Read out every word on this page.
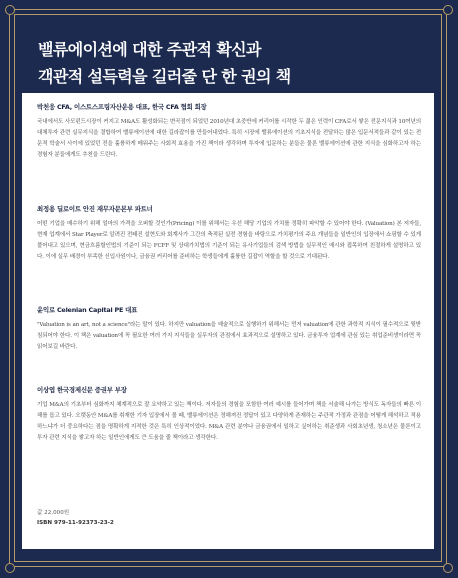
밸류에이션에 대한 주관적 확신과
객관적 설득력을 길러줄 단 한 권의 책
박천웅 CFA, 이스트스프링자산운용 대표, 한국 CFA 협회 회장
국내에서도 사모펀드시장이 커지고 M&A도 활성화되는 변곡점이 되었던 2010년대 초중반에 커리어를 시작한 두 젊은 인력이 CFA로서 쌓은 전문지식과 10여년의 대체투자 관련 실무지식을 결합하여 밸류에이션에 대한 길라잡이를 만들어내었다. 특히 시장에 밸류에이션의 기초지식을 전달하는 많은 입문서적들과 같이 있는 전문적 학술서 사이에 있었던 전을 훌륭하게 메워주는 사회적 효용을 가진 책이라 생각하며 투자에 입문하는 분들은 물론 밸류에이션에 관한 지식을 심화하고자 하는 경험자 분들에게도 추천을 드린다.
최정용 딜로이트 안진 재무자문본부 파트너
어떤 기업을 매수하기 위해 얼마의 가격을 오퍼할 것인가(Pricing) 이를 위해서는 우선 해당 기업의 가치를 정확히 파악할 수 있어야 한다. (Valuation) 본 저자들, 현재 업계에서 Star Player로 알려진 전태진 설현도와 회계사가 그간의 축적된 실전 경험을 바탕으로 가치평가의 주요 개념들을 일반인의 입장에서 쇼핑할 수 있게 풀어내고 있으며, 현금흐름할인법의 기준이 되는 FCFF 및 상대가치법의 기준이 되는 유사기업들의 검색 방법을 실무적인 예시와 접목하여 친절하게 설명하고 있다. 이에 실무 배경이 부족한 신입사원이나, 금융권 커리어를 준비하는 학생들에게 훌륭한 길잡이 역할을 할 것으로 기대된다.
윤익로 Celenian Capital PE 대표
"Valuation is an art, not a science"라는 말이 있다. 하지만 valuation을 예술적으로 실행하기 위해서는 먼저 valuation에 관한 과학적 지식이 필수적으로 뒷받침되어야 한다. 이 책은 valuation에 꼭 필요한 여러 가지 지식들을 실무자의 관점에서 효과적으로 설명하고 있다. 금융투자 업계에 관심 있는 취업준비생이라면 꼭 읽어보길 바란다.
이상엽 한국경제신문 증권부 부장
기업 M&A의 기초부터 심화까지 체계적으로 잘 요약하고 있는 책이다. 저자들의 경험을 포함한 여러 예시를 들어가며 책을 서술해 나가는 방식도 독자들의 빠른 이해를 돕고 있다. 오랫동안 M&A를 취재한 기자 입장에서 볼 때, 밸류에이션은 정해져진 정답이 있고 다양하게 존재하는 주관적 가정과 관점을 어떻게 해석하고 적용하느냐가 더 중요하다는 점을 명확하게 지적한 것은 특히 인상적이었다. M&A 관련 분야나 금융권에서 일하고 싶어하는 취준생과 사회초년생, 청소년은 물론이고 투자 관련 지식을 쌓고자 하는 일반인에게도 큰 도움을 줄 책이라고 생각한다.
값 22,000원
ISBN 979-11-92373-23-2
